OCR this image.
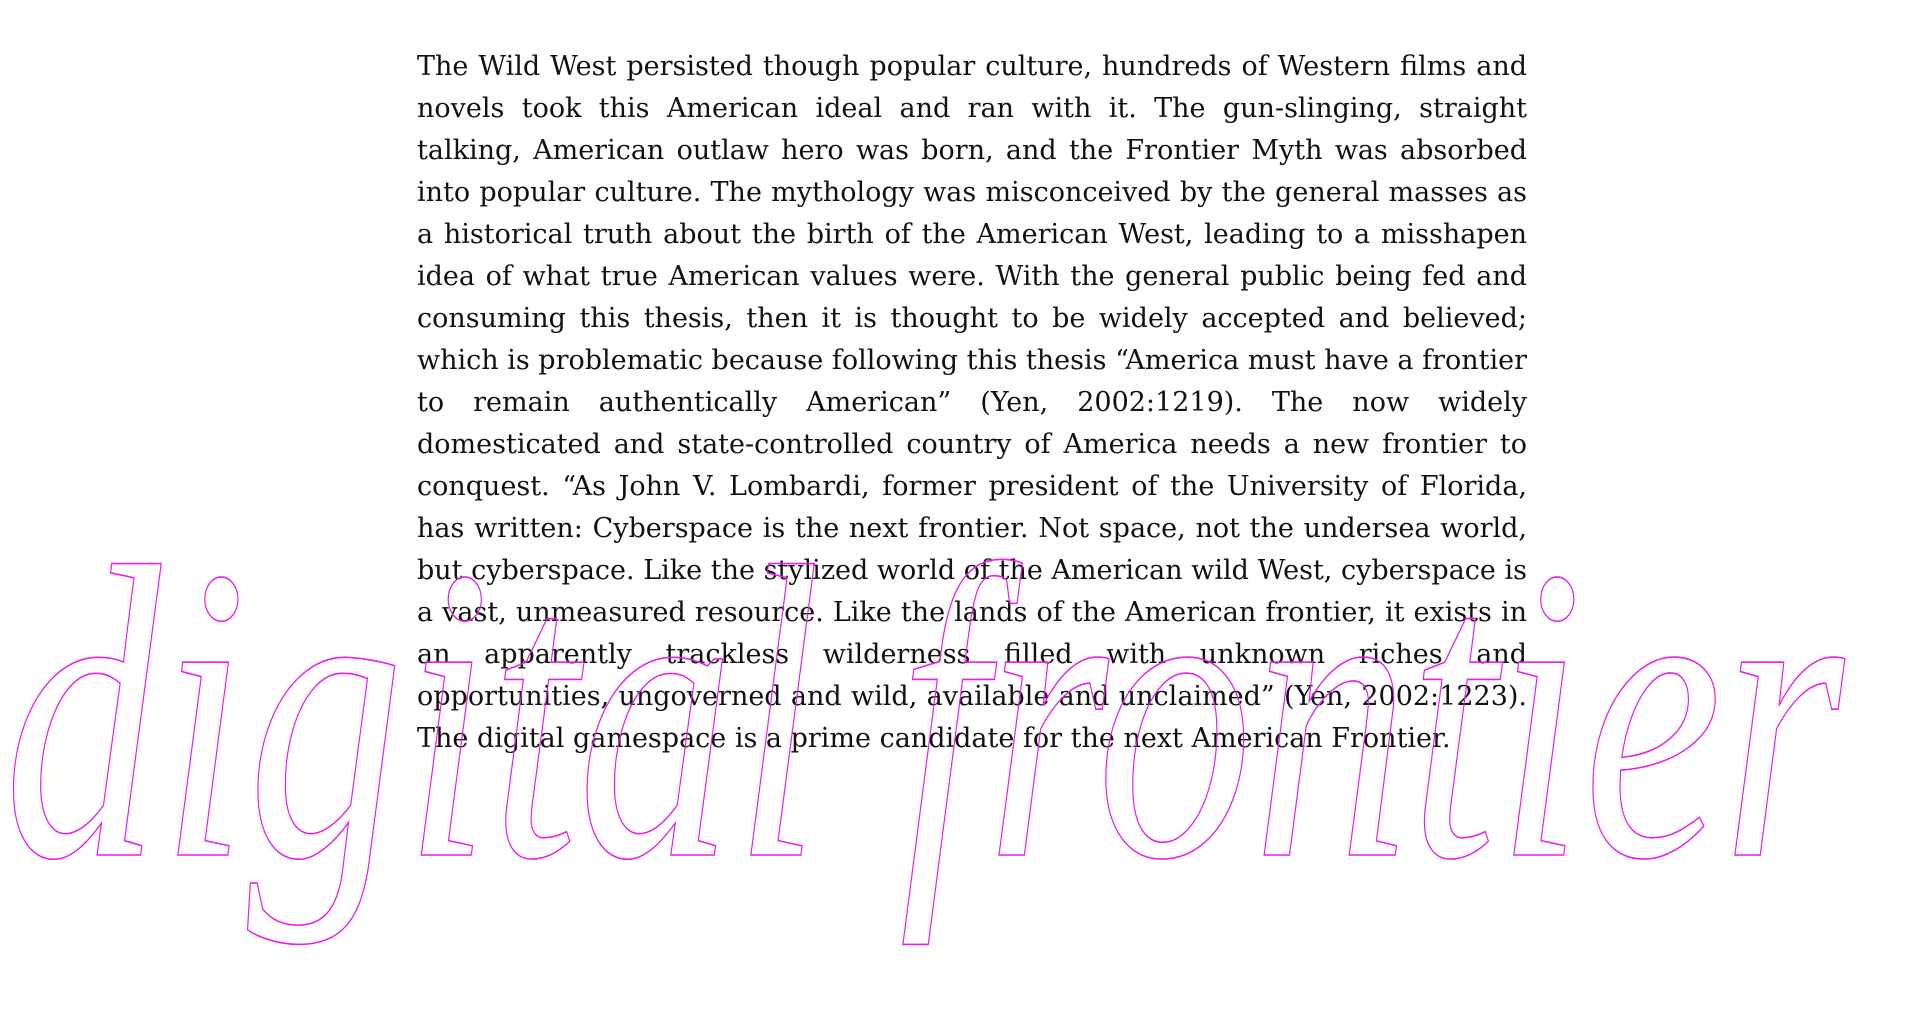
The Wild West persisted though popular culture, hundreds of Western films and novels took this American ideal and ran with it. The gun-slinging, straight talking, American outlaw hero was born, and the Frontier Myth was absorbed into popular culture. The mythology was misconceived by the general masses as a historical truth about the birth of the American West, leading to a misshapen idea of what true American values were. With the general public being fed and consuming this thesis, then it is thought to be widely accepted and believed; which is problematic because following this thesis “America must have a frontier to remain authentically American” (Yen, 2002:1219). The now widely domesticated and state-controlled country of America needs a new frontier to conquest. “As John V. Lombardi, former president of the University of Florida, has written: Cyberspace is the next frontier. Not space, not the undersea world, but cyberspace. Like the stylized world of the American wild West, cyberspace is a vast, unmeasured resource. Like the lands of the American frontier, it exists in an apparently trackless wilderness filled with unknown riches and opportunities, ungoverned and wild, available and unclaimed” (Yen, 2002:1223). The digital gamespace is a prime candidate for the next American Frontier.

digital frontier
